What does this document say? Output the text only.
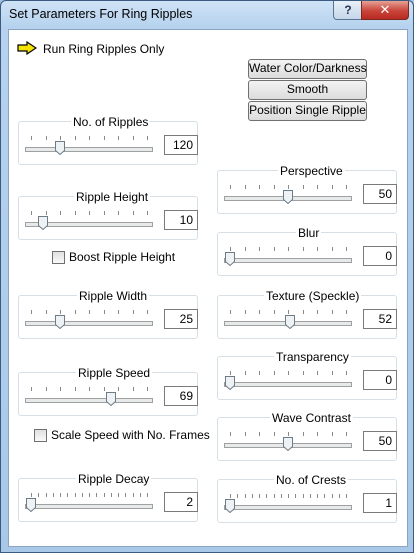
Set Parameters For Ring Ripples	?	✕
Run Ring Ripples Only
Water Color/Darkness
Smooth
Position Single Ripple
120
No. of Ripples
10
Ripple Height
Boost Ripple Height
25
Ripple Width
69
Ripple Speed
Scale Speed with No. Frames
2
Ripple Decay
50
Perspective
0
Blur
52
Texture (Speckle)
0
Transparency
50
Wave Contrast
1
No. of Crests
